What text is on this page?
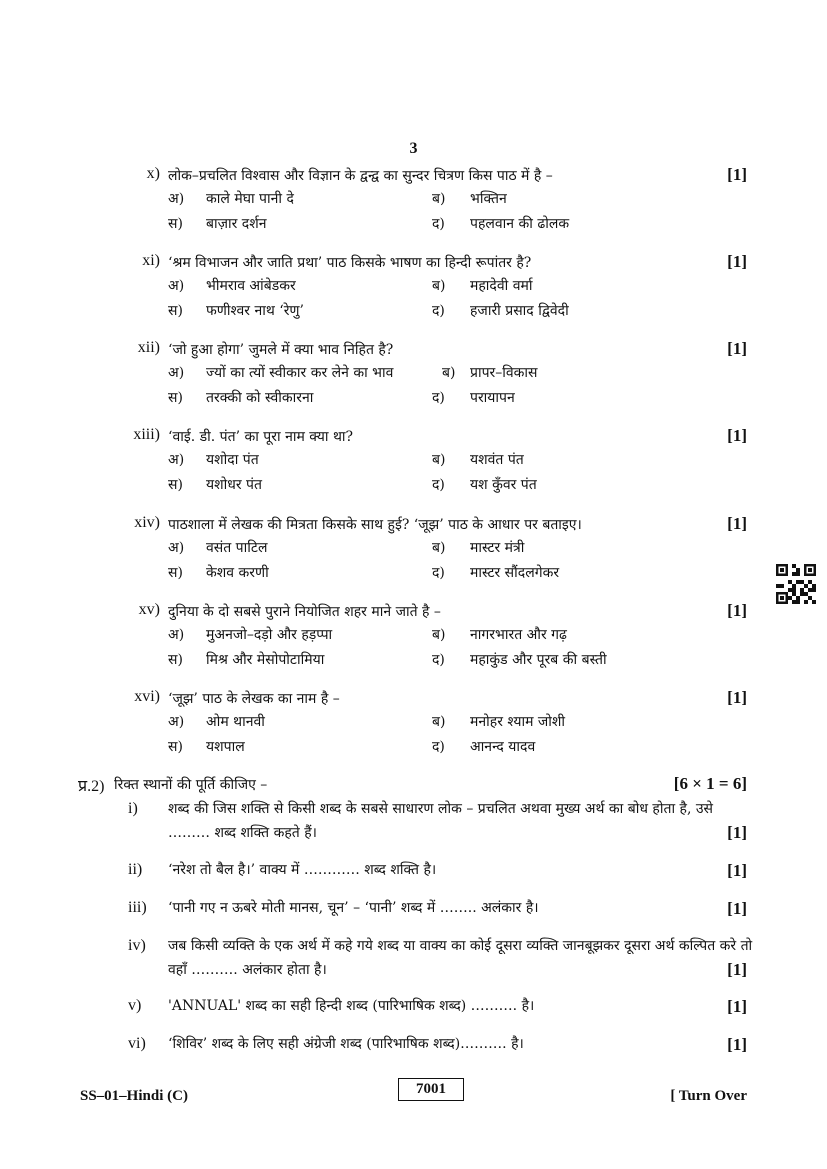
3
x) लोक–प्रचलित विश्वास और विज्ञान के द्वन्द्व का सुन्दर चित्रण किस पाठ में है –	[1]
अ) काले मेघा पानी दे	ब) भक्तिन
स) बाज़ार दर्शन	द) पहलवान की ढोलक
xi) ‘श्रम विभाजन और जाति प्रथा’ पाठ किसके भाषण का हिन्दी रूपांतर है?	[1]
अ) भीमराव आंबेडकर	ब) महादेवी वर्मा
स) फणीश्वर नाथ ‘रेणु’	द) हजारी प्रसाद द्विवेदी
xii) ‘जो हुआ होगा’ जुमले में क्या भाव निहित है?	[1]
अ) ज्यों का त्यों स्वीकार कर लेने का भाव	ब) प्रापर–विकास
स) तरक्की को स्वीकारना	द) परायापन
xiii) ‘वाई. डी. पंत’ का पूरा नाम क्या था?	[1]
अ) यशोदा पंत	ब) यशवंत पंत
स) यशोधर पंत	द) यश कुँवर पंत
xiv) पाठशाला में लेखक की मित्रता किसके साथ हुई? ‘जूझ’ पाठ के आधार पर बताइए।	[1]
अ) वसंत पाटिल	ब) मास्टर मंत्री
स) केशव करणी	द) मास्टर सौंदलगेकर
xv) दुनिया के दो सबसे पुराने नियोजित शहर माने जाते है –	[1]
अ) मुअनजो–दड़ो और हड़प्पा	ब) नागरभारत और गढ़
स) मिश्र और मेसोपोटामिया	द) महाकुंड और पूरब की बस्ती
xvi) ‘जूझ’ पाठ के लेखक का नाम है –	[1]
अ) ओम थानवी	ब) मनोहर श्याम जोशी
स) यशपाल	द) आनन्द यादव
प्र.2) रिक्त स्थानों की पूर्ति कीजिए –	[6 × 1 = 6]
i) शब्द की जिस शक्ति से किसी शब्द के सबसे साधारण लोक – प्रचलित अथवा मुख्य अर्थ का बोध होता है, उसे ……… शब्द शक्ति कहते हैं।	[1]
ii) ‘नरेश तो बैल है।’ वाक्य में ………… शब्द शक्ति है।	[1]
iii) ‘पानी गए न ऊबरे मोती मानस, चून’ – ‘पानी’ शब्द में …….. अलंकार है।	[1]
iv) जब किसी व्यक्ति के एक अर्थ में कहे गये शब्द या वाक्य का कोई दूसरा व्यक्ति जानबूझकर दूसरा अर्थ कल्पित करे तो वहाँ ………. अलंकार होता है।	[1]
v) 'ANNUAL' शब्द का सही हिन्दी शब्द (पारिभाषिक शब्द) ………. है।	[1]
vi) ‘शिविर’ शब्द के लिए सही अंग्रेजी शब्द (पारिभाषिक शब्द)………. है।	[1]
SS–01–Hindi (C)	7001	[ Turn Over
